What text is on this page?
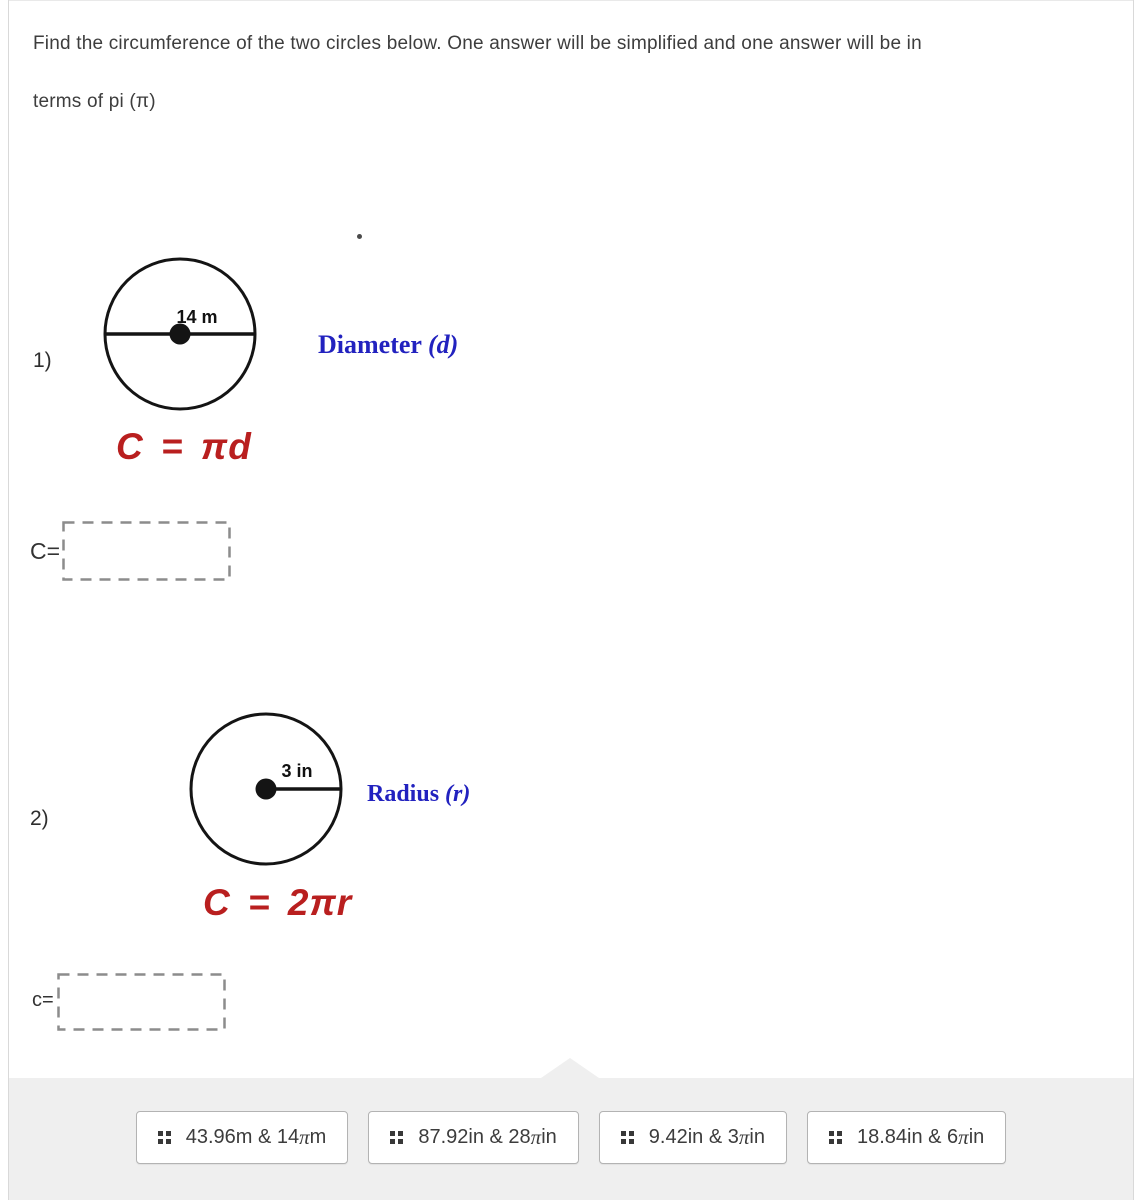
Find the circumference of the two circles below. One answer will be simplified and one answer will be in
terms of pi (π)
1)
14 m
Diameter (d)
C = πd
C=
2)
3 in
Radius (r)
C = 2πr
c=
43.96m & 14 π m	87.92in & 28 π in	9.42in & 3 π in	18.84in & 6 π in
